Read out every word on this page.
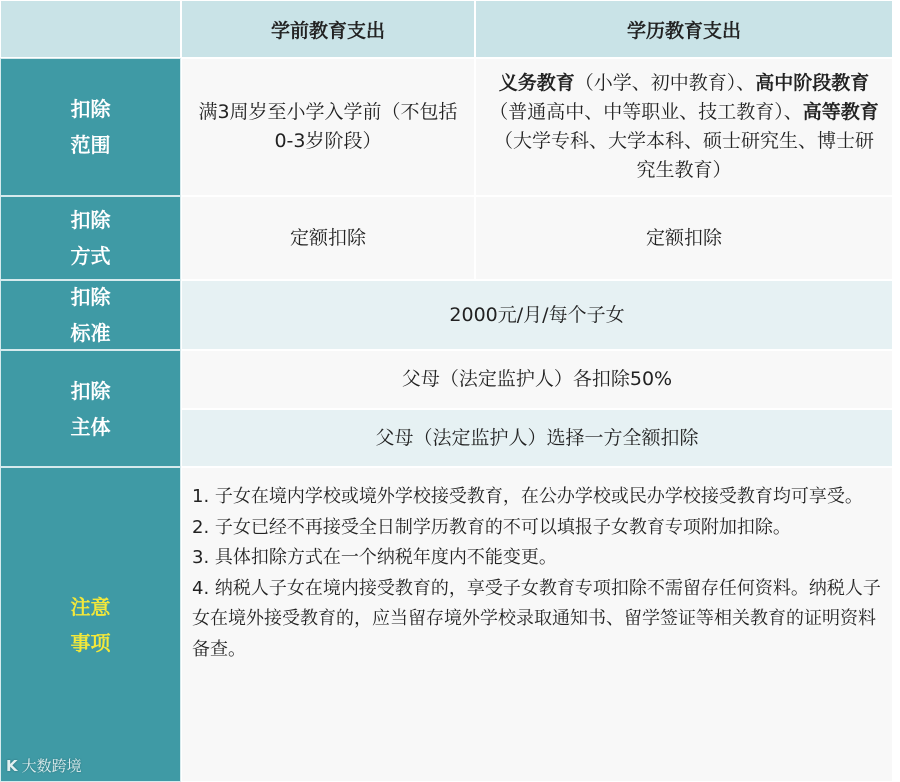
学前教育支出	学历教育支出
扣除范围
满3周岁至小学入学前（不包括0-3岁阶段）
义务教育（小学、初中教育）、高中阶段教育（普通高中、中等职业、技工教育）、高等教育（大学专科、大学本科、硕士研究生、博士研究生教育）
扣除方式
定额扣除	定额扣除
扣除标准
2000元/月/每个子女
扣除主体
父母（法定监护人）各扣除50%
父母（法定监护人）选择一方全额扣除
注意事项

1. 子女在境内学校或境外学校接受教育，在公办学校或民办学校接受教育均可享受。

2. 子女已经不再接受全日制学历教育的不可以填报子女教育专项附加扣除。

3. 具体扣除方式在一个纳税年度内不能变更。

4. 纳税人子女在境内接受教育的，享受子女教育专项扣除不需留存任何资料。纳税人子女在境外接受教育的，应当留存境外学校录取通知书、留学签证等相关教育的证明资料备查。

K 大数跨境
